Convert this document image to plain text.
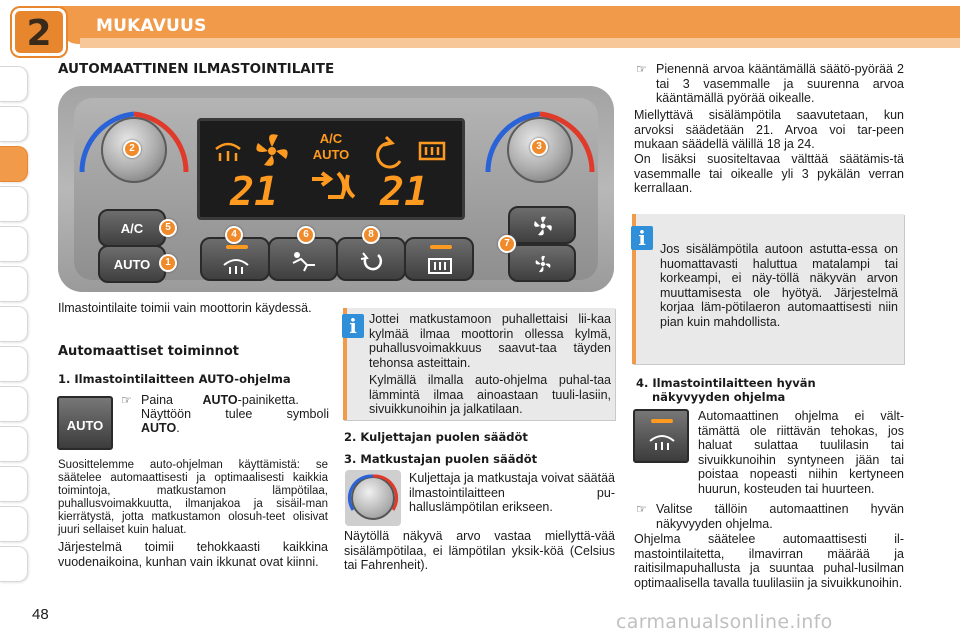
2	MUKAVUUS
AUTOMAATTINEN ILMASTOINTILAITE
A/C
AUTO
21	21
A/C
AUTO
2	3
4
5
1
6	8
7
Ilmastointilaite toimii vain moottorin käydessä.
Automaattiset toiminnot
1. Ilmastointilaitteen AUTO-ohjelma
AUTO
☞ Paina AUTO-painiketta.
Näyttöön tulee symboli
AUTO.
Suosittelemme auto-ohjelman käyttämistä: se säätelee automaattisesti ja optimaalisesti kaikkia toimintoja, matkustamon lämpötilaa, puhallusvoimakkuutta, ilmanjakoa ja sisäil-man kierrätystä, jotta matkustamon olosuh-teet olisivat juuri sellaiset kuin haluat.
Järjestelmä toimii tehokkaasti kaikkina vuodenaikoina, kunhan vain ikkunat ovat kiinni.
Jottei matkustamoon puhallettaisi lii-kaa kylmää ilmaa moottorin ollessa kylmä, puhallusvoimakkuus saavut-taa täyden tehonsa asteittain.
Kylmällä ilmalla auto-ohjelma puhal-taa lämmintä ilmaa ainoastaan tuuli-lasiin, sivuikkunoihin ja jalkatilaan.
i
2. Kuljettajan puolen säädöt
3. Matkustajan puolen säädöt
Kuljettaja ja matkustaja voivat säätää ilmastointilaitteen pu-halluslämpötilan erikseen.
Näytöllä näkyvä arvo vastaa miellyttä-vää sisälämpötilaa, ei lämpötilan yksik-köä (Celsius tai Fahrenheit).
☞ Pienennä arvoa kääntämällä säätö-pyörää 2 tai 3 vasemmalle ja suurenna arvoa kääntämällä pyörää oikealle.
Miellyttävä sisälämpötila saavutetaan, kun arvoksi säädetään 21. Arvoa voi tar-peen mukaan säädellä välillä 18 ja 24.
On lisäksi suositeltavaa välttää säätämis-tä vasemmalle tai oikealle yli 3 pykälän verran kerrallaan.
Jos sisälämpötila autoon astutta-essa on huomattavasti haluttua matalampi tai korkeampi, ei näy-töllä näkyvän arvon muuttamisesta ole hyötyä. Järjestelmä korjaa läm-pötilaeron automaattisesti niin pian kuin mahdollista.
i
4. Ilmastointilaitteen hyvän
näkyvyyden ohjelma
Automaattinen ohjelma ei vält-tämättä ole riittävän tehokas, jos haluat sulattaa tuulilasin tai sivuikkunoihin syntyneen jään tai poistaa nopeasti niihin kertyneen huurun, kosteuden tai huurteen.
☞ Valitse tällöin automaattinen hyvän näkyvyyden ohjelma.
Ohjelma säätelee automaattisesti il-mastointilaitetta, ilmavirran määrää ja raitisilmapuhallusta ja suuntaa puhal-lusilman optimaalisella tavalla tuulilasiin ja sivuikkunoihin.
48	carmanualsonline.info
